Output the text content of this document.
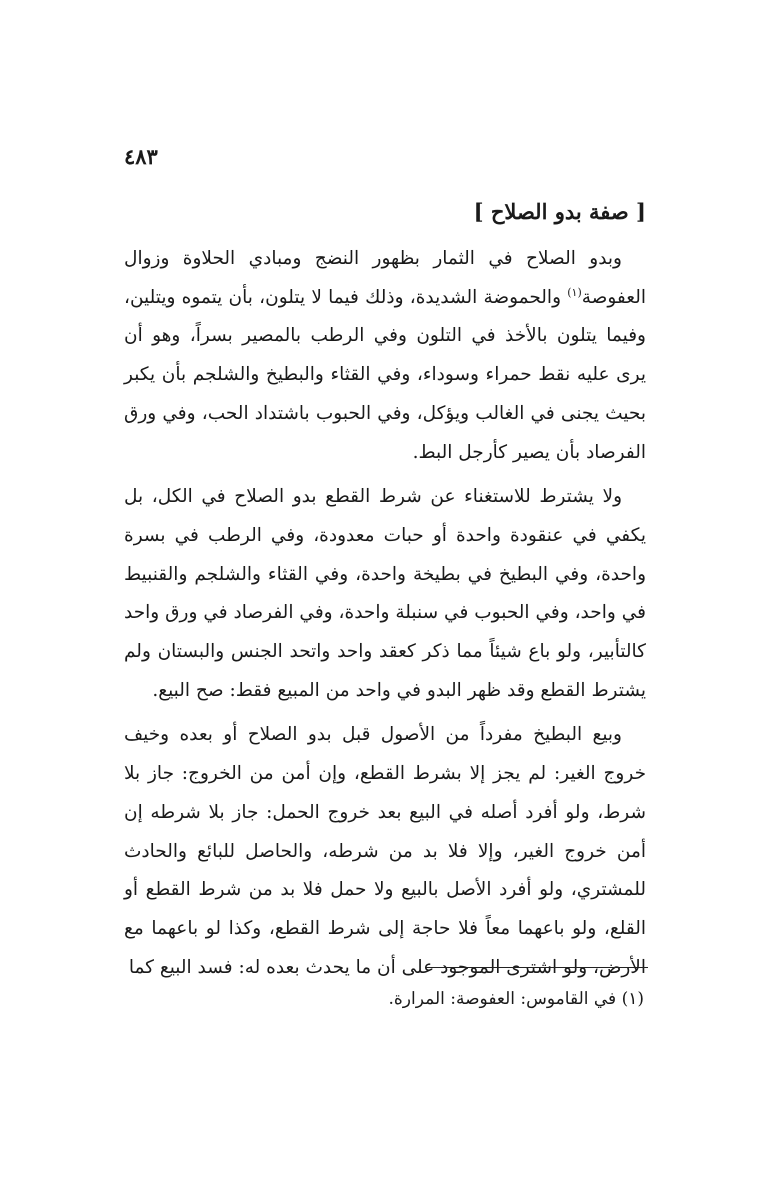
٤٨٣
[ صفة بدو الصلاح ]

وبدو الصلاح في الثمار بظهور النضج ومبادي الحلاوة وزوال العفوصة$^{(١)}$ والحموضة الشديدة، وذلك فيما لا يتلون، بأن يتموه ويتلين، وفيما يتلون بالأخذ في التلون وفي الرطب بالمصير بسراً، وهو أن يرى عليه نقط حمراء وسوداء، وفي القثاء والبطيخ والشلجم بأن يكبر بحيث يجنى في الغالب ويؤكل، وفي الحبوب باشتداد الحب، وفي ورق الفرصاد بأن يصير كأرجل البط.

ولا يشترط للاستغناء عن شرط القطع بدو الصلاح في الكل، بل يكفي في عنقودة واحدة أو حبات معدودة، وفي الرطب في بسرة واحدة، وفي البطيخ في بطيخة واحدة، وفي القثاء والشلجم والقنبيط في واحد، وفي الحبوب في سنبلة واحدة، وفي الفرصاد في ورق واحد كالتأبير، ولو باع شيئاً مما ذكر كعقد واحد واتحد الجنس والبستان ولم يشترط القطع وقد ظهر البدو في واحد من المبيع فقط: صح البيع.

وبيع البطيخ مفرداً من الأصول قبل بدو الصلاح أو بعده وخيف خروج الغير: لم يجز إلا بشرط القطع، وإن أمن من الخروج: جاز بلا شرط، ولو أفرد أصله في البيع بعد خروج الحمل: جاز بلا شرطه إن أمن خروج الغير، وإلا فلا بد من شرطه، والحاصل للبائع والحادث للمشتري، ولو أفرد الأصل بالبيع ولا حمل فلا بد من شرط القطع أو القلع، ولو باعهما معاً فلا حاجة إلى شرط القطع، وكذا لو باعهما مع الأرض، ولو اشترى الموجود على أن ما يحدث بعده له: فسد البيع كما

(١) في القاموس: العفوصة: المرارة.
